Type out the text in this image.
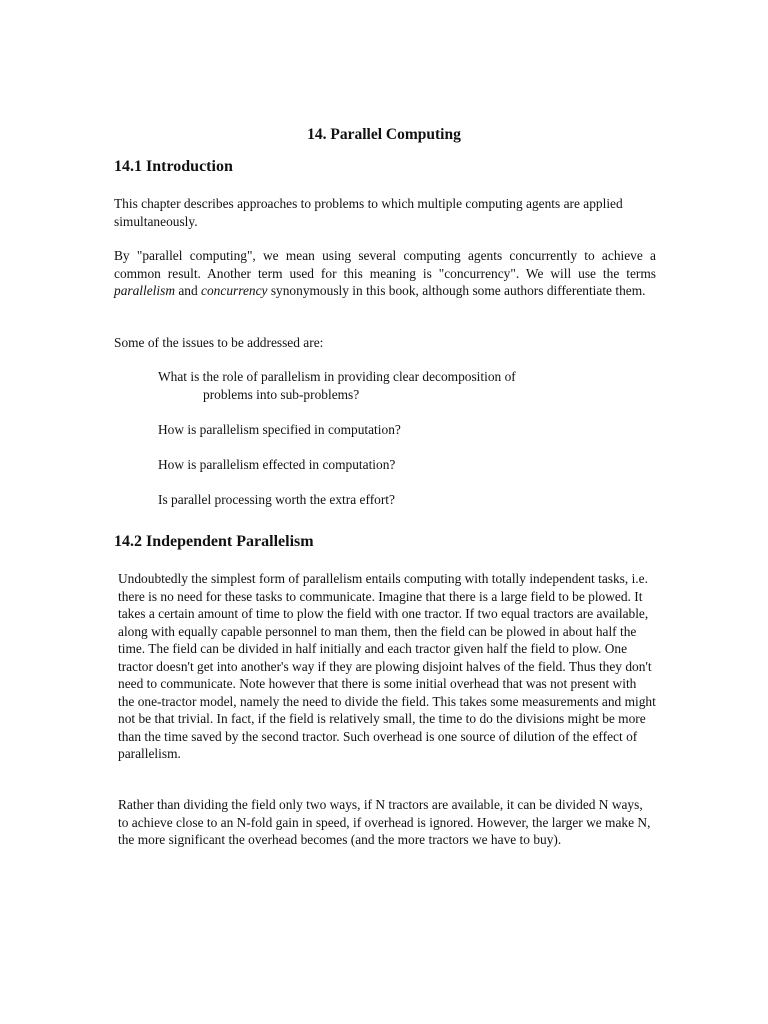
14. Parallel Computing
14.1 Introduction

This chapter describes approaches to problems to which multiple computing agents are applied simultaneously.

By "parallel computing", we mean using several computing agents concurrently to achieve a common result. Another term used for this meaning is "concurrency". We will use the terms parallelism and concurrency synonymously in this book, although some authors differentiate them.

Some of the issues to be addressed are:

What is the role of parallelism in providing clear decomposition of
problems into sub-problems?

How is parallelism specified in computation?

How is parallelism effected in computation?

Is parallel processing worth the extra effort?

14.2 Independent Parallelism

Undoubtedly the simplest form of parallelism entails computing with totally independent tasks, i.e. there is no need for these tasks to communicate. Imagine that there is a large field to be plowed. It takes a certain amount of time to plow the field with one tractor. If two equal tractors are available, along with equally capable personnel to man them, then the field can be plowed in about half the time. The field can be divided in half initially and each tractor given half the field to plow. One tractor doesn't get into another's way if they are plowing disjoint halves of the field. Thus they don't need to communicate. Note however that there is some initial overhead that was not present with the one-tractor model, namely the need to divide the field. This takes some measurements and might not be that trivial. In fact, if the field is relatively small, the time to do the divisions might be more than the time saved by the second tractor. Such overhead is one source of dilution of the effect of parallelism.

Rather than dividing the field only two ways, if N tractors are available, it can be divided N ways, to achieve close to an N-fold gain in speed, if overhead is ignored. However, the larger we make N, the more significant the overhead becomes (and the more tractors we have to buy).
